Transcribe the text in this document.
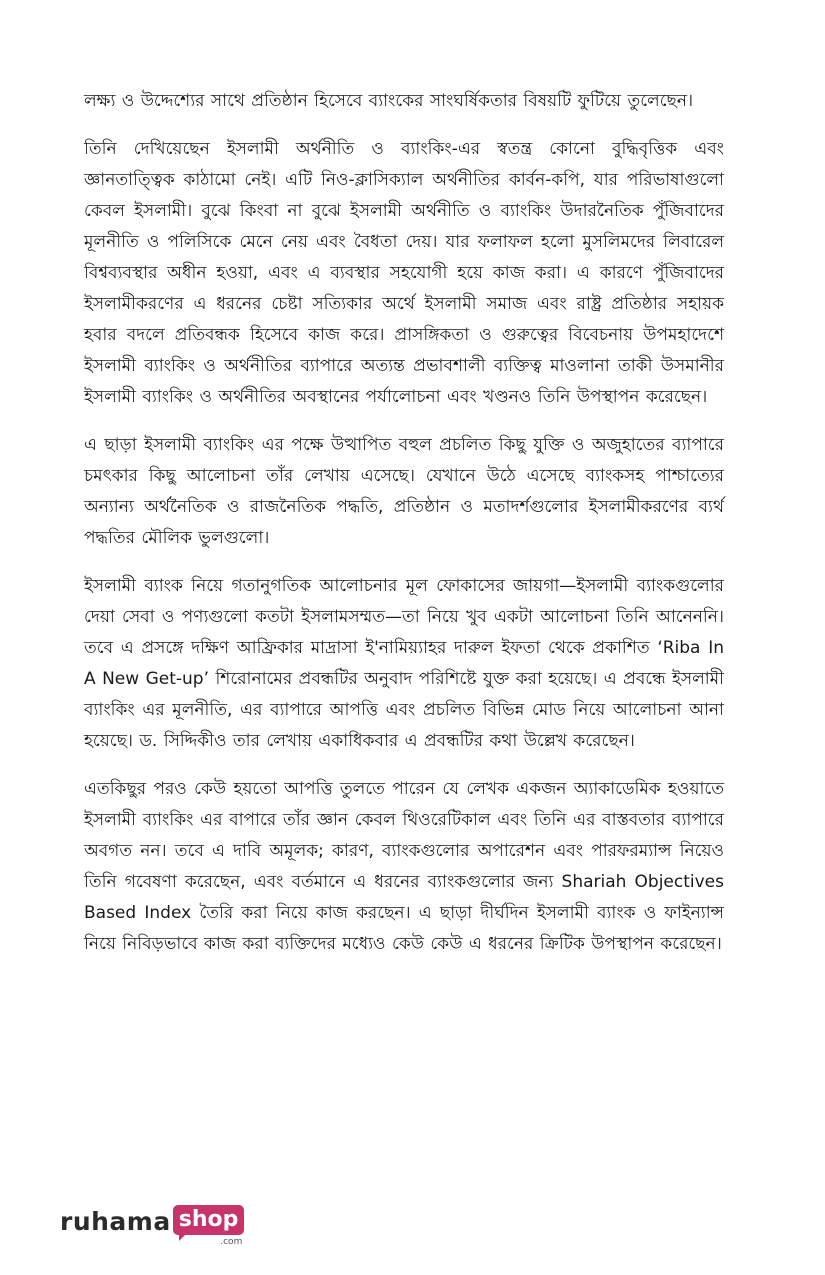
লক্ষ্য ও উদ্দেশ্যের সাথে প্রতিষ্ঠান হিসেবে ব্যাংকের সাংঘর্ষিকতার বিষয়টি ফুটিয়ে তুলেছেন।

তিনি দেখিয়েছেন ইসলামী অর্থনীতি ও ব্যাংকিং-এর স্বতন্ত্র কোনো বুদ্ধিবৃত্তিক এবং জ্ঞানতাত্ত্বিক কাঠামো নেই। এটি নিও-ক্লাসিক্যাল অর্থনীতির কার্বন-কপি, যার পরিভাষাগুলো কেবল ইসলামী। বুঝে কিংবা না বুঝে ইসলামী অর্থনীতি ও ব্যাংকিং উদারনৈতিক পুঁজিবাদের মূলনীতি ও পলিসিকে মেনে নেয় এবং বৈধতা দেয়। যার ফলাফল হলো মুসলিমদের লিবারেল বিশ্বব্যবস্থার অধীন হওয়া, এবং এ ব্যবস্থার সহযোগী হয়ে কাজ করা। এ কারণে পুঁজিবাদের ইসলামীকরণের এ ধরনের চেষ্টা সত্যিকার অর্থে ইসলামী সমাজ এবং রাষ্ট্র প্রতিষ্ঠার সহায়ক হবার বদলে প্রতিবন্ধক হিসেবে কাজ করে। প্রাসঙ্গিকতা ও গুরুত্বের বিবেচনায় উপমহাদেশে ইসলামী ব্যাংকিং ও অর্থনীতির ব্যাপারে অত্যন্ত প্রভাবশালী ব্যক্তিত্ব মাওলানা তাকী উসমানীর ইসলামী ব্যাংকিং ও অর্থনীতির অবস্থানের পর্যালোচনা এবং খণ্ডনও তিনি উপস্থাপন করেছেন।

এ ছাড়া ইসলামী ব্যাংকিং এর পক্ষে উত্থাপিত বহুল প্রচলিত কিছু যুক্তি ও অজুহাতের ব্যাপারে চমৎকার কিছু আলোচনা তাঁর লেখায় এসেছে। যেখানে উঠে এসেছে ব্যাংকসহ পাশ্চাত্যের অন্যান্য অর্থনৈতিক ও রাজনৈতিক পদ্ধতি, প্রতিষ্ঠান ও মতাদর্শগুলোর ইসলামীকরণের ব্যর্থ পদ্ধতির মৌলিক ভুলগুলো।

ইসলামী ব্যাংক নিয়ে গতানুগতিক আলোচনার মূল ফোকাসের জায়গা—ইসলামী ব্যাংকগুলোর দেয়া সেবা ও পণ্যগুলো কতটা ইসলামসম্মত—তা নিয়ে খুব একটা আলোচনা তিনি আনেননি। তবে এ প্রসঙ্গে দক্ষিণ আফ্রিকার মাদ্রাসা ই'নামিয়্যাহর দারুল ইফতা থেকে প্রকাশিত ‘Riba In A New Get-up’ শিরোনামের প্রবন্ধটির অনুবাদ পরিশিষ্টে যুক্ত করা হয়েছে। এ প্রবন্ধে ইসলামী ব্যাংকিং এর মূলনীতি, এর ব্যাপারে আপত্তি এবং প্রচলিত বিভিন্ন মোড নিয়ে আলোচনা আনা হয়েছে। ড. সিদ্দিকীও তার লেখায় একাধিকবার এ প্রবন্ধটির কথা উল্লেখ করেছেন।

এতকিছুর পরও কেউ হয়তো আপত্তি তুলতে পারেন যে লেখক একজন অ্যাকাডেমিক হওয়াতে ইসলামী ব্যাংকিং এর বাপারে তাঁর জ্ঞান কেবল থিওরেটিকাল এবং তিনি এর বাস্তবতার ব্যাপারে অবগত নন। তবে এ দাবি অমূলক; কারণ, ব্যাংকগুলোর অপারেশন এবং পারফরম্যান্স নিয়েও তিনি গবেষণা করেছেন, এবং বর্তমানে এ ধরনের ব্যাংকগুলোর জন্য Shariah Objectives Based Index তৈরি করা নিয়ে কাজ করছেন। এ ছাড়া দীর্ঘদিন ইসলামী ব্যাংক ও ফাইন্যান্স নিয়ে নিবিড়ভাবে কাজ করা ব্যক্তিদের মধ্যেও কেউ কেউ এ ধরনের ক্রিটিক উপস্থাপন করেছেন।

ruhama shop
.com
